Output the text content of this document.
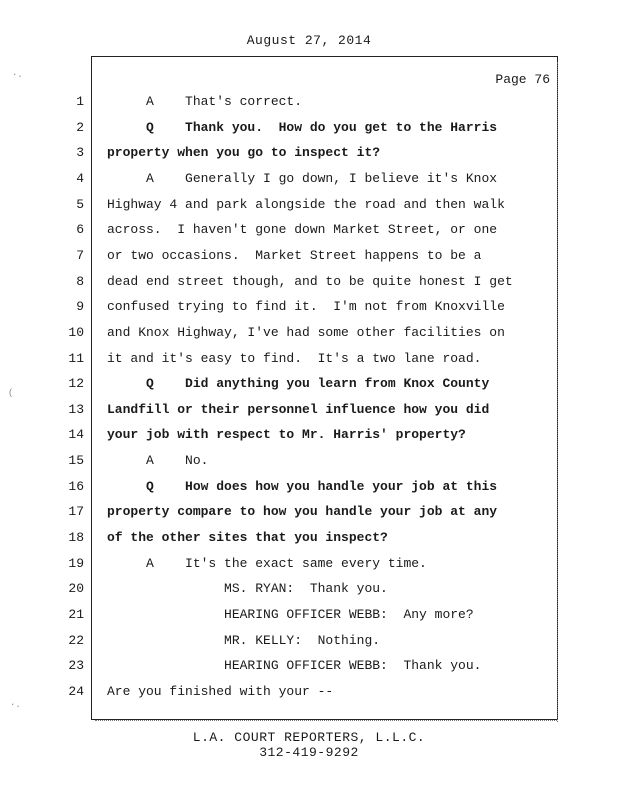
August 27, 2014
Page 76
1 A    That's correct.
2 Q    Thank you.  How do you get to the Harris
3 property when you go to inspect it?
4 A    Generally I go down, I believe it's Knox
5 Highway 4 and park alongside the road and then walk
6 across.  I haven't gone down Market Street, or one
7 or two occasions.  Market Street happens to be a
8 dead end street though, and to be quite honest I get
9 confused trying to find it.  I'm not from Knoxville
10 and Knox Highway, I've had some other facilities on
11 it and it's easy to find.  It's a two lane road.
12 Q    Did anything you learn from Knox County
13 Landfill or their personnel influence how you did
14 your job with respect to Mr. Harris' property?
15 A    No.
16 Q    How does how you handle your job at this
17 property compare to how you handle your job at any
18 of the other sites that you inspect?
19 A    It's the exact same every time.
20 MS. RYAN:  Thank you.
21 HEARING OFFICER WEBB:  Any more?
22 MR. KELLY:  Nothing.
23 HEARING OFFICER WEBB:  Thank you.
24 Are you finished with your --
L.A. COURT REPORTERS, L.L.C.
312-419-9292
·.
(
·.
